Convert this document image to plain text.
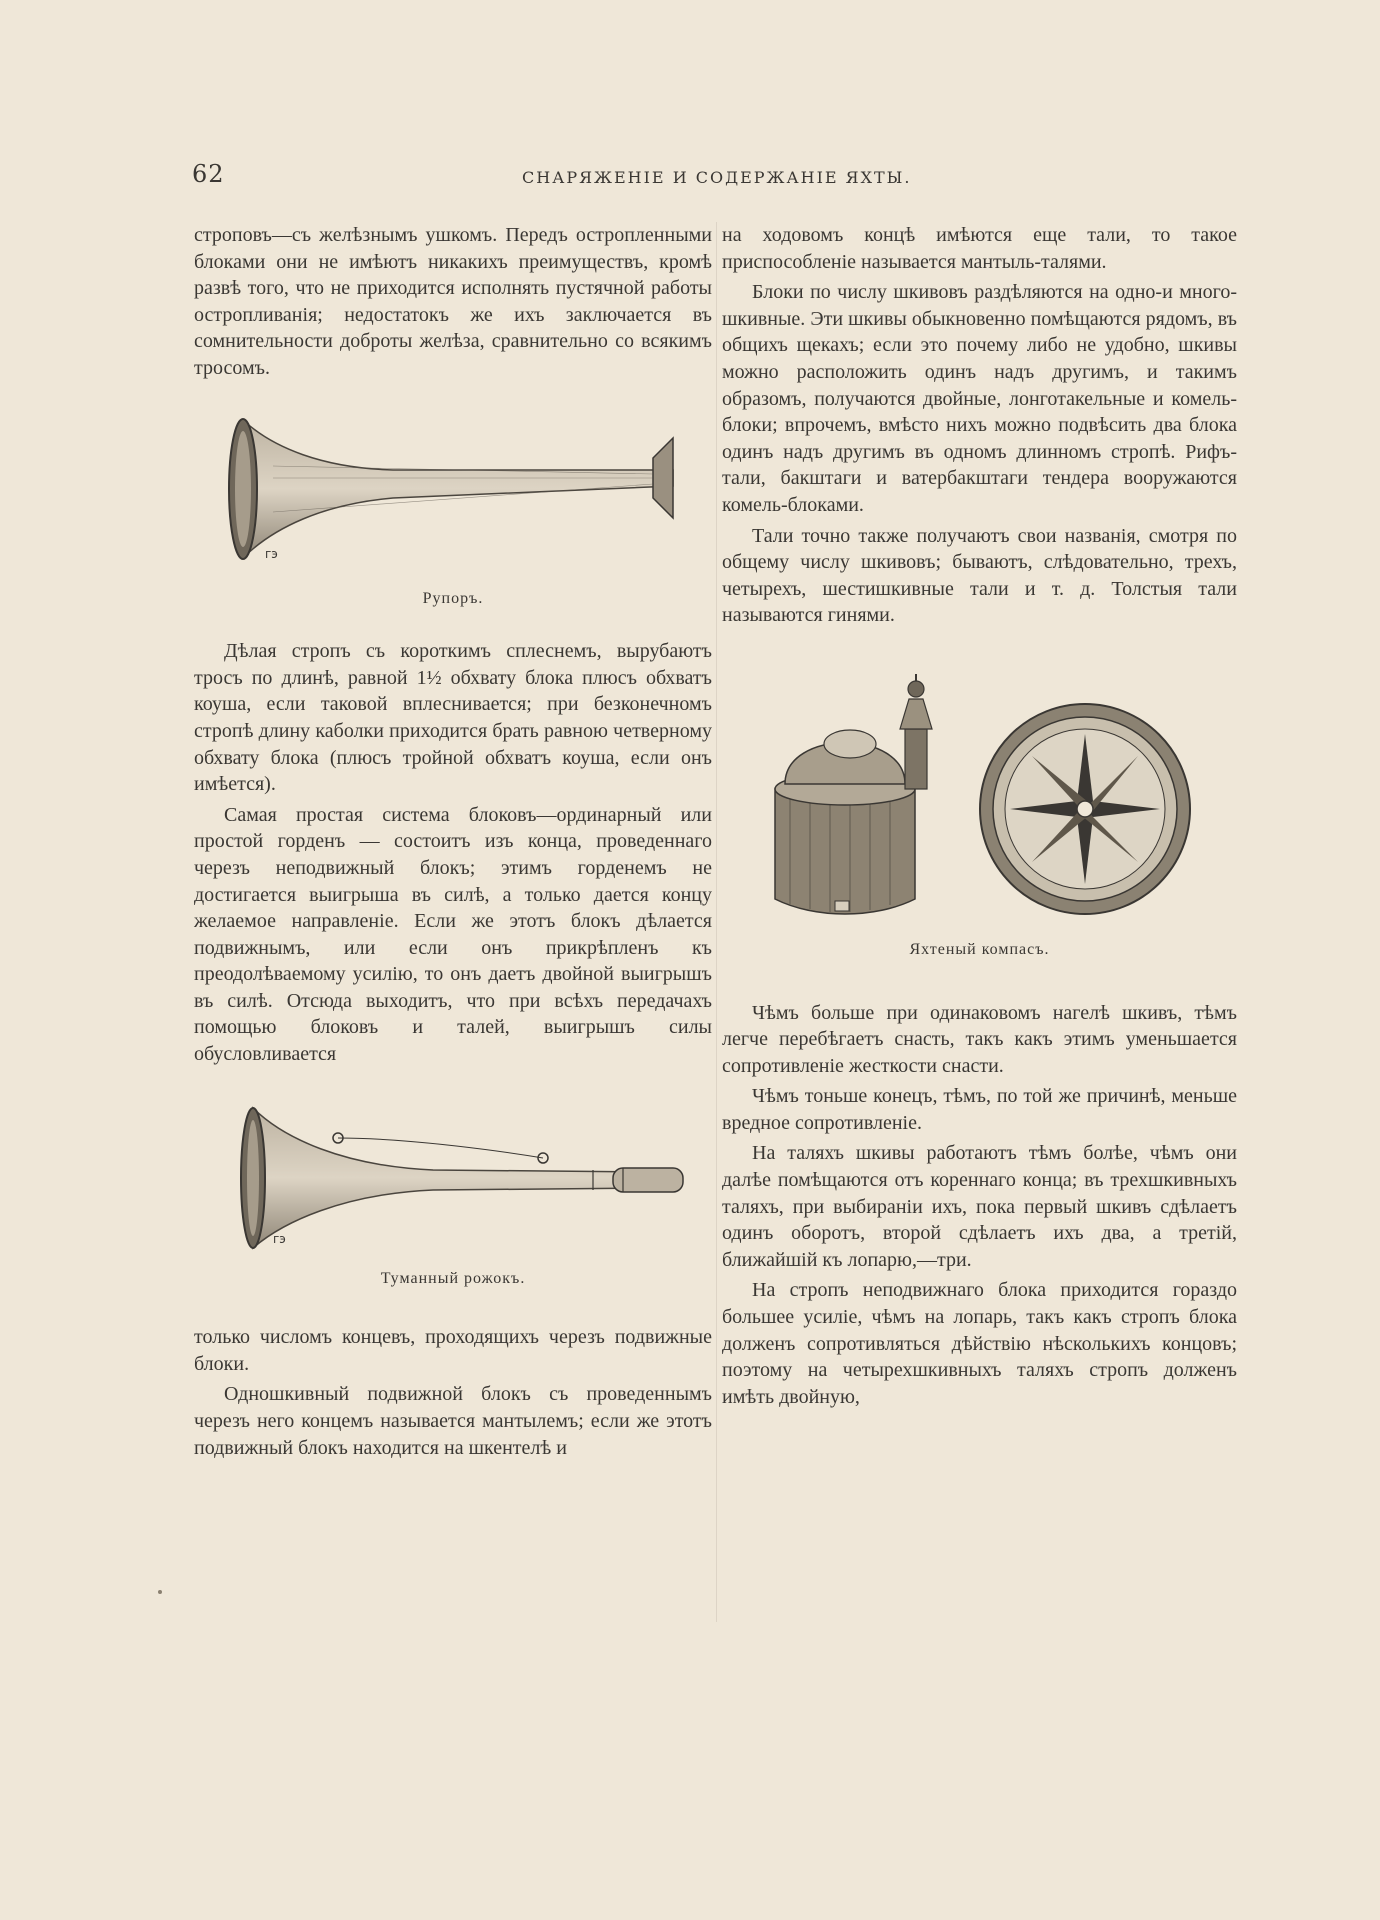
62	СНАРЯЖЕНІЕ И СОДЕРЖАНІЕ ЯХТЫ.

строповъ—съ желѣзнымъ ушкомъ. Передъ остропленными блоками они не имѣютъ никакихъ преимуществъ, кромѣ развѣ того, что не приходится исполнять пустячной работы остропливанія; недостатокъ же ихъ заключается въ сомнительности доброты желѣза, сравнительно со всякимъ тросомъ.

гэ
Рупоръ.

Дѣлая стропъ съ короткимъ сплеснемъ, вырубаютъ тросъ по длинѣ, равной 1½ обхвату блока плюсъ обхватъ коуша, если таковой вплесниваетcя; при безконечномъ стропѣ длину каболки приходится брать равною четверному обхвату блока (плюсъ тройной обхватъ коуша, если онъ имѣется).

Самая простая система блоковъ—ординарный или простой горденъ — состоитъ изъ конца, проведеннаго черезъ неподвижный блокъ; этимъ горденемъ не достигается выигрыша въ силѣ, а только дается концу желаемое направленіе. Если же этотъ блокъ дѣлается подвижнымъ, или если онъ прикрѣпленъ къ преодолѣваемому усилію, то онъ даетъ двойной выигрышъ въ силѣ. Отсюда выходитъ, что при всѣхъ передачахъ помощью блоковъ и талей, выигрышъ силы обусловливается

гэ
Туманный рожокъ.

только числомъ концевъ, проходящихъ черезъ подвижные блоки.

Одношкивный подвижной блокъ съ проведеннымъ черезъ него концемъ называется мантылемъ; если же этотъ подвижный блокъ находится на шкентелѣ и

на ходовомъ концѣ имѣются еще тали, то такое приспособленіе называется мантыль-талями.

Блоки по числу шкивовъ раздѣляются на одно-и много-шкивные. Эти шкивы обыкновенно помѣщаются рядомъ, въ общихъ щекахъ; если это почему либо не удобно, шкивы можно расположить одинъ надъ другимъ, и такимъ образомъ, получаются двойные, лонготакельные и комель-блоки; впрочемъ, вмѣсто нихъ можно подвѣсить два блока одинъ надъ другимъ въ одномъ длинномъ стропѣ. Рифъ-тали, бакштаги и ватербакштаги тендера вооружаются комель-блоками.

Тали точно также получаютъ свои названія, смотря по общему числу шкивовъ; бываютъ, слѣдовательно, трехъ, четырехъ, шестишкивные тали и т. д. Толстыя тали называются гинями.

Яхтеный компасъ.

Чѣмъ больше при одинаковомъ нагелѣ шкивъ, тѣмъ легче перебѣгаетъ снасть, такъ какъ этимъ уменьшается сопротивленіе жесткости снасти.

Чѣмъ тоньше конецъ, тѣмъ, по той же причинѣ, меньше вредное сопротивленіе.

На таляхъ шкивы работаютъ тѣмъ болѣе, чѣмъ они далѣе помѣщаются отъ кореннаго конца; въ трехшкивныхъ таляхъ, при выбираніи ихъ, пока первый шкивъ сдѣлаетъ одинъ оборотъ, второй сдѣлаетъ ихъ два, а третій, ближайшій къ лопарю,—три.

На стропъ неподвижнаго блока приходится гораздо большее усиліе, чѣмъ на лопарь, такъ какъ стропъ блока долженъ сопротивляться дѣйствію нѣсколькихъ концовъ; поэтому на четырехшкивныхъ таляхъ стропъ долженъ имѣть двойную,
